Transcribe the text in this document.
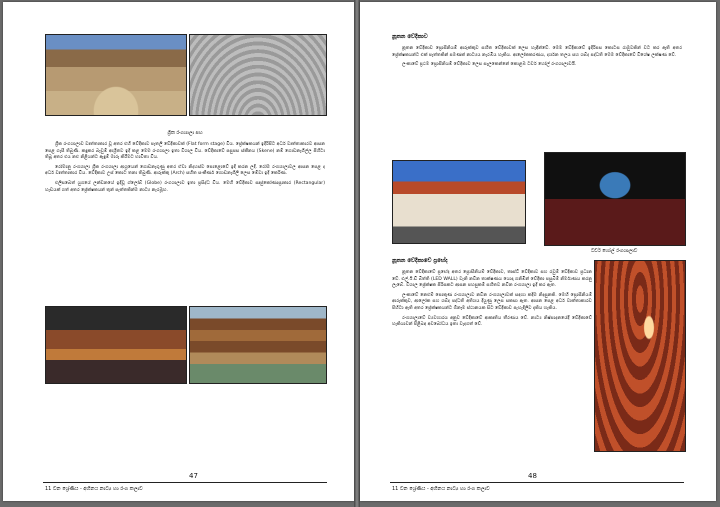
ග්‍රීක රංගශාලා පහ

ග්‍රීක රංගශාලාව වෘත්තාකාර වූ අතර එහි වේදිකාව පැතලි වේදිකාවක් (Flat form stage) විය. ප්‍රේක්ෂකයන් ඉදිරිපිට අර්ධ වෘත්තාකාරව ආසන පෙළ ගැසී තිබුණි. කඳුකර බෑවුම් ආශ්‍රිතව ඉදි කළ මෙම රංගශාලා ඉතා විශාල විය. වේදිකාවේ පසුපස ස්කීනය (Skene) නම් ගොඩනැගිල්ල පිහිටා තිබූ අතර එය නළු නිළියන්ට ඇඳුම් මාරු කිරීමට භාවිතා විය.

රෝමානු රංගශාලා ග්‍රීක රංගශාලා ආශ්‍රයෙන් ගොඩනැගුණු අතර ඒවා නිදහස්ව පොළොවේ ඉදි කරන ලදී. රෝම රංගශාලාවල ආසන පෙළ ද අර්ධ වෘත්තාකාර විය. වේදිකාව උස් කොට තනා තිබුණි. ආරුක්කු (Arch) සහිත සංකීර්ණ ගොඩනැගිලි ලෙස මේවා ඉදි කෙරිණ.

එලිසබෙත් යුගයේ ලන්ඩනයේ ඉදිවූ ග්ලෝබ් (Globe) රංගශාලාව ඉතා ප්‍රසිද්ධ විය. මෙහි වේදිකාව සෘජුකෝණාස්‍රාකාර (Rectangular) හැඩයක් ගත් අතර ප්‍රේක්ෂකයන් තුන් පැත්තකින්ම නාට්‍ය නැරඹූහ.

47
11 වන ශ්‍රේණිය - අභිනය නාට්‍ය හා රංග කලාව
නූතන වේදිකාව

නූතන වේදිකාව ප්‍රොසීනියම් ආරුක්කුව සහිත වේදිකාවක් ලෙස හැඳින්වේ. මෙම වේදිකාවේ ඉදිරිපස කොටස රාමුවකින් වට කර ඇති අතර ප්‍රේක්ෂකයන්ට එක් පැත්තකින් පමණක් නාට්‍යය නැරඹිය හැකිය. ආලෝකකරණය, දර්ශන තලය සහ ශබ්ද පද්ධති මෙම වේදිකාවේ විශේෂ ලක්ෂණ වේ.

ලංකාවේ ප්‍රථම ප්‍රොසීනියම් වේදිකාව ලෙස සැලකෙන්නේ කොළඹ ටවර් හෝල් රංගශාලාවයි.

ටවර් හෝල් රංගශාලාව
නූතන වේදිකාවේ ප්‍රභේද

නූතන වේදිකාවේ ප්‍රභේද අතර ප්‍රොසීනියම් වේදිකාව, තෘස්ට් වේදිකාව සහ රවුම් වේදිකාව ප්‍රධාන වේ. එල්.ඊ.ඩී බිත්ති (LED WALL) වැනි නවීන තාක්ෂණය යොදා ගනිමින් වේදිකා පසුබිම් නිර්මාණය කරනු ලැබේ. විශාල ප්‍රේක්ෂක පිරිසකට ආසන පහසුකම් සහිතව නවීන රංගශාලා ඉදි කර ඇත.

ලංකාවේ නෙළුම් පොකුණ රංගශාලාව නවීන රංගශාලාවක් සඳහා කදිම නිදසුනකි. මෙහි ප්‍රොසීනියම් ආරුක්කුව, ආලෝක සහ ශබ්ද පද්ධති අතිශය දියුණු ලෙස සකසා ඇත. ආසන පෙළ අර්ධ වෘත්තාකාරව පිහිටා ඇති අතර ප්‍රේක්ෂකයන්ට ඕනෑම ස්ථානයක සිට වේදිකාව පැහැදිලිව දැකිය හැකිය.

රංගශාලාවේ ව්‍යවහාරය අනුව වේදිකාවේ ආකෘතිය තීරණය වේ. නාට්‍ය නිෂ්පාදනයේදී වේදිකාවේ හැකියාවන් පිළිබඳ අවබෝධය ඉතා වැදගත් වේ.

48
11 වන ශ්‍රේණිය - අභිනය නාට්‍ය හා රංග කලාව
